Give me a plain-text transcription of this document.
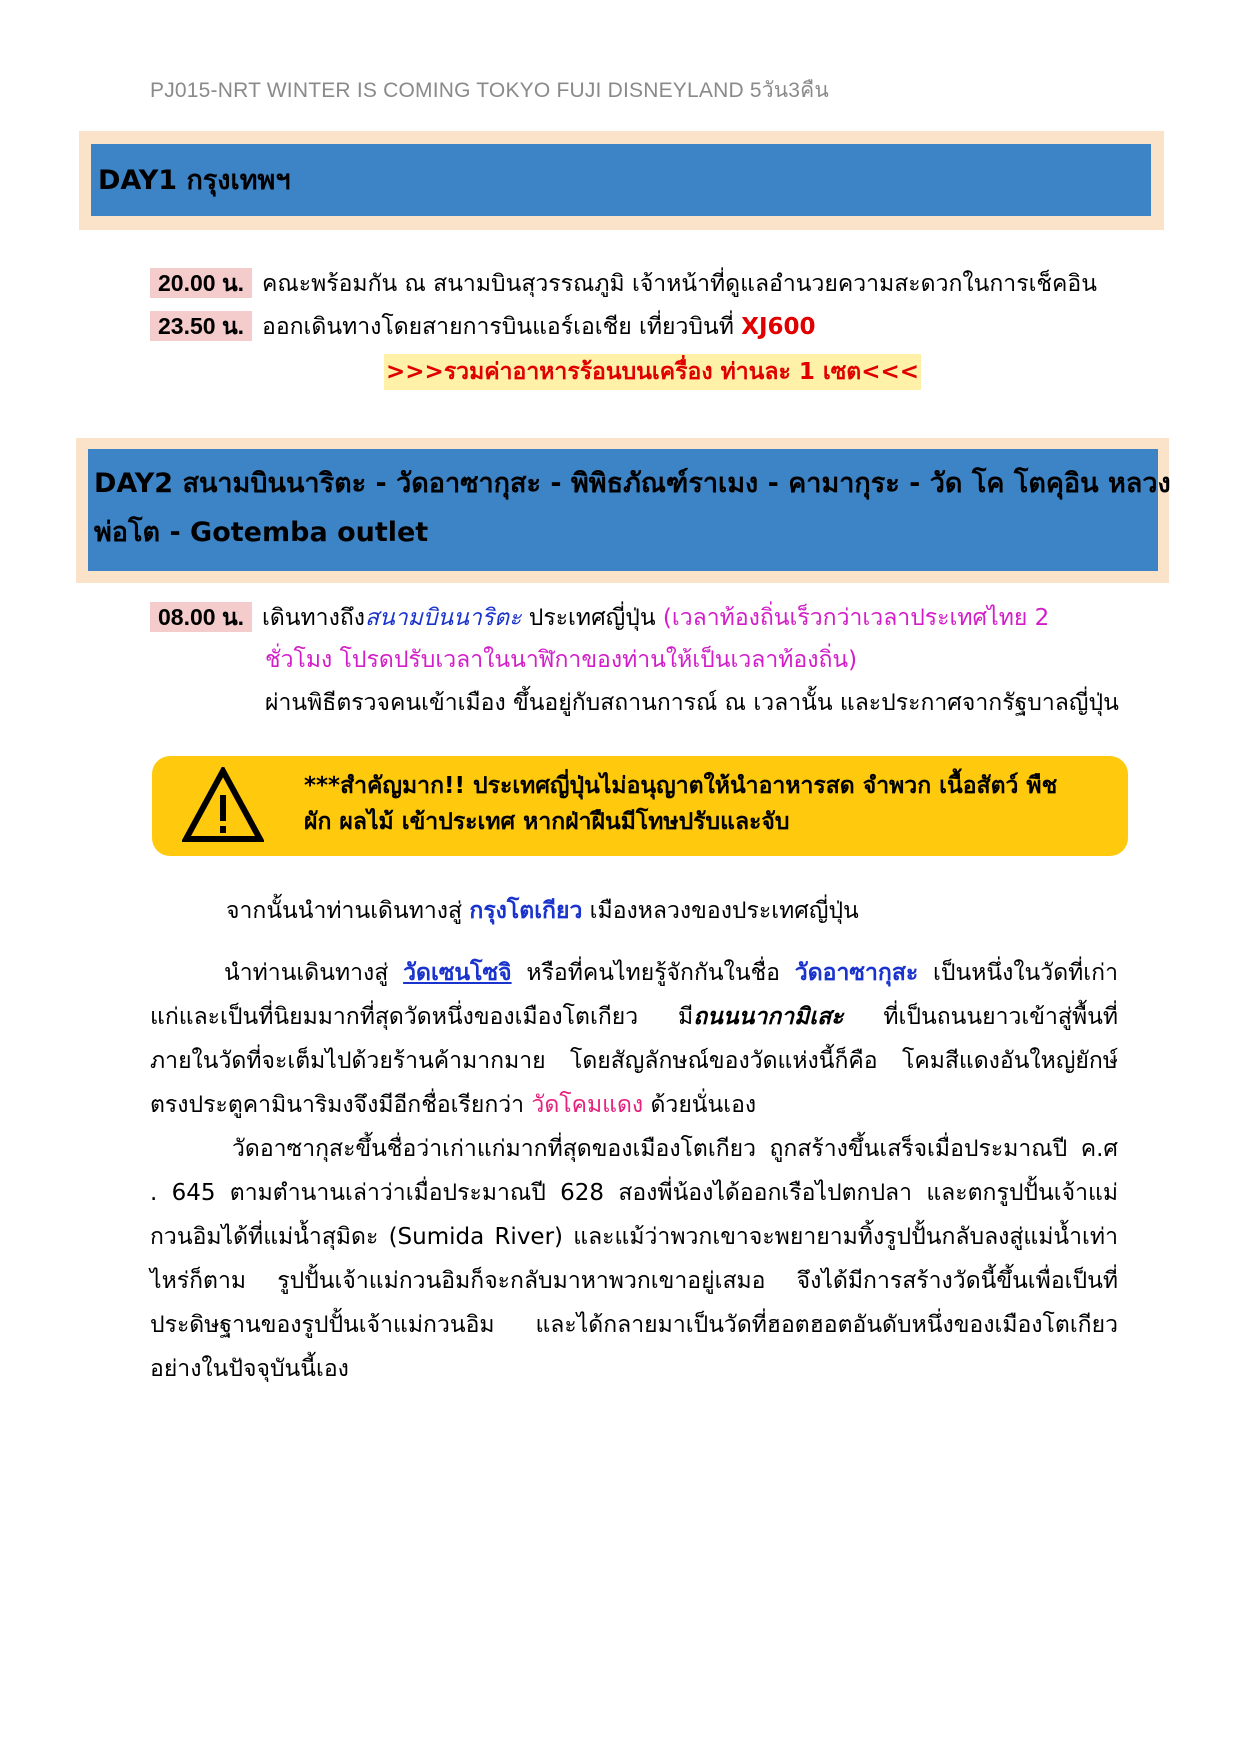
PJ015-NRT WINTER IS COMING TOKYO FUJI DISNEYLAND 5วัน3คืน
DAY1 กรุงเทพฯ
20.00 น. คณะพร้อมกัน ณ สนามบินสุวรรณภูมิ เจ้าหน้าที่ดูแลอำนวยความสะดวกในการเช็คอิน
23.50 น. ออกเดินทางโดยสายการบินแอร์เอเชีย เที่ยวบินที่ XJ600
>>>รวมค่าอาหารร้อนบนเครื่อง ท่านละ 1 เซต<<<
DAY2 สนามบินนาริตะ - วัดอาซากุสะ - พิพิธภัณฑ์ราเมง - คามากุระ - วัด โค โตคุอิน หลวง
พ่อโต - Gotemba outlet
08.00 น. เดินทางถึงสนามบินนาริตะ ประเทศญี่ปุ่น (เวลาท้องถิ่นเร็วกว่าเวลาประเทศไทย 2
ชั่วโมง โปรดปรับเวลาในนาฬิกาของท่านให้เป็นเวลาท้องถิ่น)
ผ่านพิธีตรวจคนเข้าเมือง ขึ้นอยู่กับสถานการณ์ ณ เวลานั้น และประกาศจากรัฐบาลญี่ปุ่น
***สำคัญมาก!! ประเทศญี่ปุ่นไม่อนุญาตให้นำอาหารสด จำพวก เนื้อสัตว์ พืช
ผัก ผลไม้ เข้าประเทศ หากฝ่าฝืนมีโทษปรับและจับ
จากนั้นนำท่านเดินทางสู่ กรุงโตเกียว เมืองหลวงของประเทศญี่ปุ่น
นำท่านเดินทางสู่ วัดเซนโซจิ หรือที่คนไทยรู้จักกันในชื่อ วัดอาซากุสะ เป็นหนึ่งในวัดที่เก่า
แก่และเป็นที่นิยมมากที่สุดวัดหนึ่งของเมืองโตเกียว มีถนนนากามิเสะ ที่เป็นถนนยาวเข้าสู่พื้นที่
ภายในวัดที่จะเต็มไปด้วยร้านค้ามากมาย โดยสัญลักษณ์ของวัดแห่งนี้ก็คือ โคมสีแดงอันใหญ่ยักษ์
ตรงประตูคามินาริมงจึงมีอีกชื่อเรียกว่า วัดโคมแดง ด้วยนั่นเอง
วัดอาซากุสะขึ้นชื่อว่าเก่าแก่มากที่สุดของเมืองโตเกียว ถูกสร้างขึ้นเสร็จเมื่อประมาณปี ค.ศ
. 645 ตามตำนานเล่าว่าเมื่อประมาณปี 628 สองพี่น้องได้ออกเรือไปตกปลา และตกรูปปั้นเจ้าแม่
กวนอิมได้ที่แม่น้ำสุมิดะ (Sumida River) และแม้ว่าพวกเขาจะพยายามทิ้งรูปปั้นกลับลงสู่แม่น้ำเท่า
ไหร่ก็ตาม รูปปั้นเจ้าแม่กวนอิมก็จะกลับมาหาพวกเขาอยู่เสมอ จึงได้มีการสร้างวัดนี้ขึ้นเพื่อเป็นที่
ประดิษฐานของรูปปั้นเจ้าแม่กวนอิม และได้กลายมาเป็นวัดที่ฮอตฮอตอันดับหนึ่งของเมืองโตเกียว
อย่างในปัจจุบันนี้เอง
